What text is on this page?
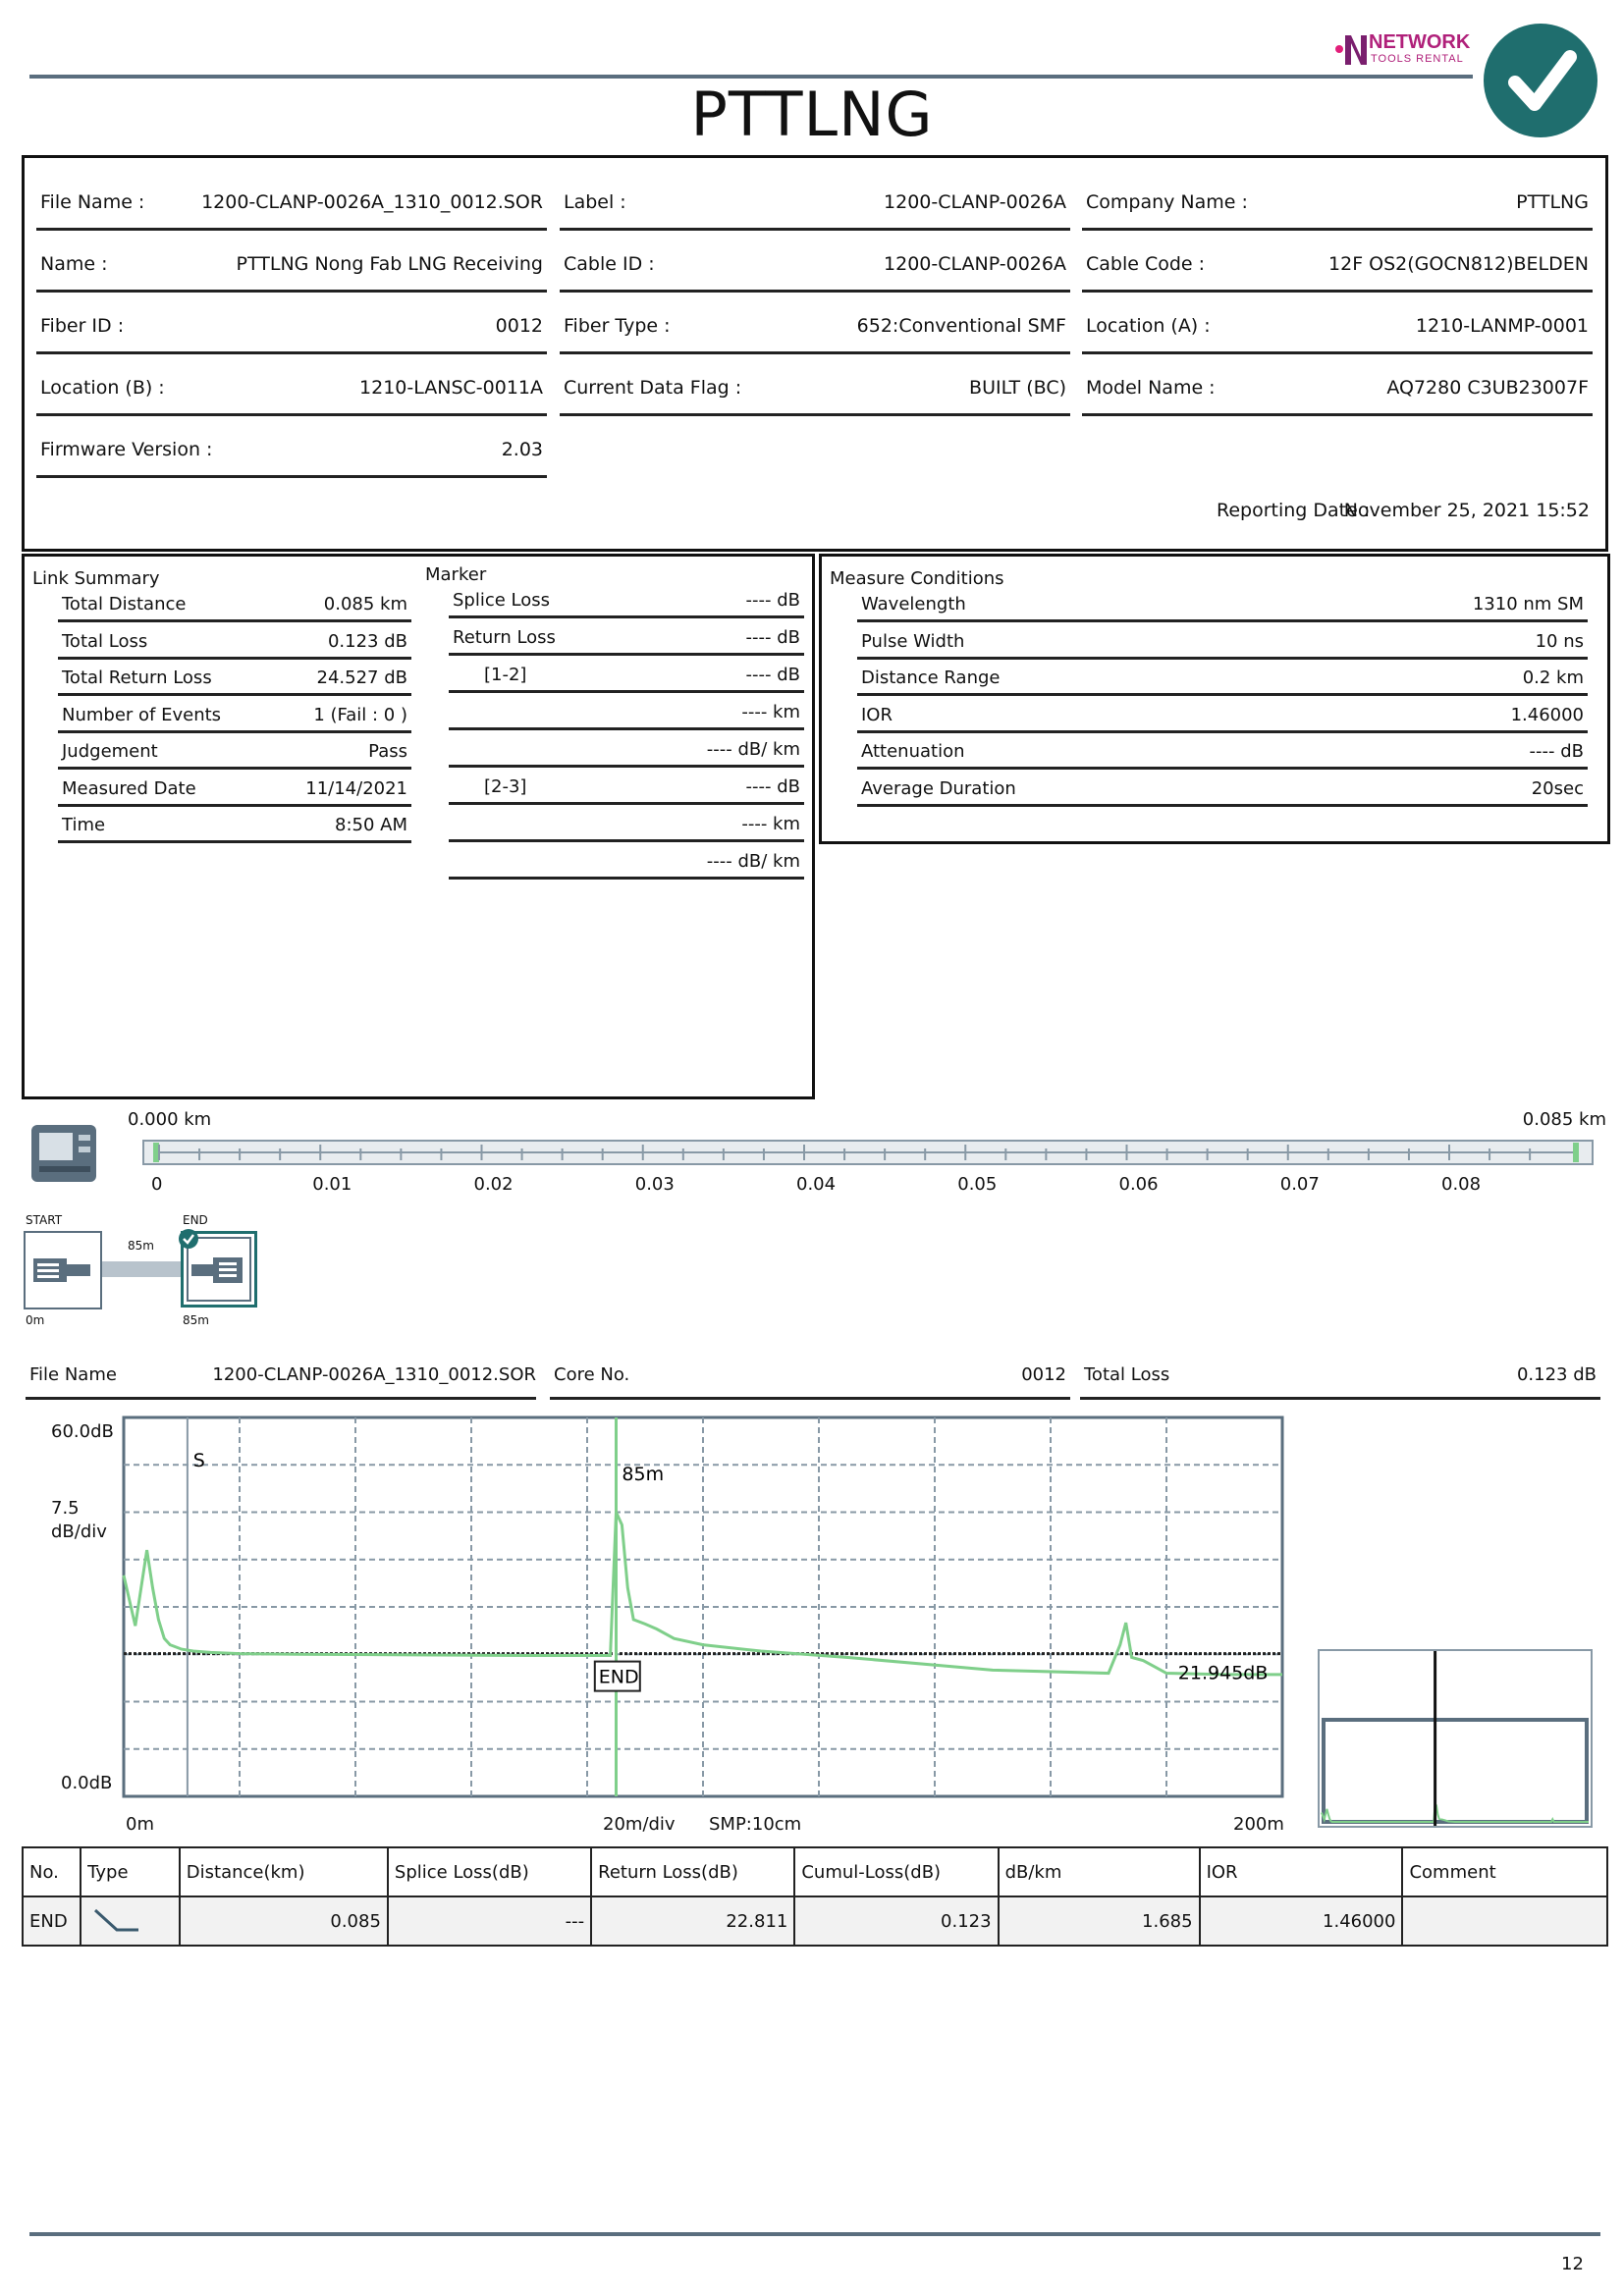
NETWORK
TOOLS RENTAL
PTTLNG
File Name :	1200-CLANP-0026A_1310_0012.SOR
Name :	PTTLNG Nong Fab LNG Receiving
Fiber ID :	0012
Location (B) :	1210-LANSC-0011A
Firmware Version :	2.03
Label :	1200-CLANP-0026A
Cable ID :	1200-CLANP-0026A
Fiber Type :	652:Conventional SMF
Current Data Flag :	BUILT (BC)
Company Name :	PTTLNG
Cable Code :	12F OS2(GOCN812)BELDEN
Location (A) :	1210-LANMP-0001
Model Name :	AQ7280 C3UB23007F
Reporting Date :
November 25, 2021 15:52
Link Summary
Total Distance	0.085 km
Total Loss	0.123 dB
Total Return Loss	24.527 dB
Number of Events	1 (Fail : 0 )
Judgement	Pass
Measured Date	11/14/2021
Time	8:50 AM
Marker
Splice Loss	---- dB
Return Loss	---- dB
[1-2]	---- dB
---- km
---- dB/ km
[2-3]	---- dB
---- km
---- dB/ km
Measure Conditions
Wavelength	1310 nm SM
Pulse Width	10 ns
Distance Range	0.2 km
IOR	1.46000
Attenuation	---- dB
Average Duration	20sec
0.000 km	0.085 km
0	0.01	0.02	0.03	0.04	0.05	0.06	0.07	0.08
START	END
85m
0m	85m
File Name	1200-CLANP-0026A_1310_0012.SOR Core No.	0012 Total Loss	0.123 dB
60.0dB
7.5
dB/div
0.0dB
0m	20m/div SMP:10cm	200m
S
85m
END	21.945dB
No.	Type	Distance(km)	Splice Loss(dB)	Return Loss(dB)	Cumul-Loss(dB)	dB/km	IOR	Comment
END		0.085	---	22.811	0.123	1.685	1.46000	
12
